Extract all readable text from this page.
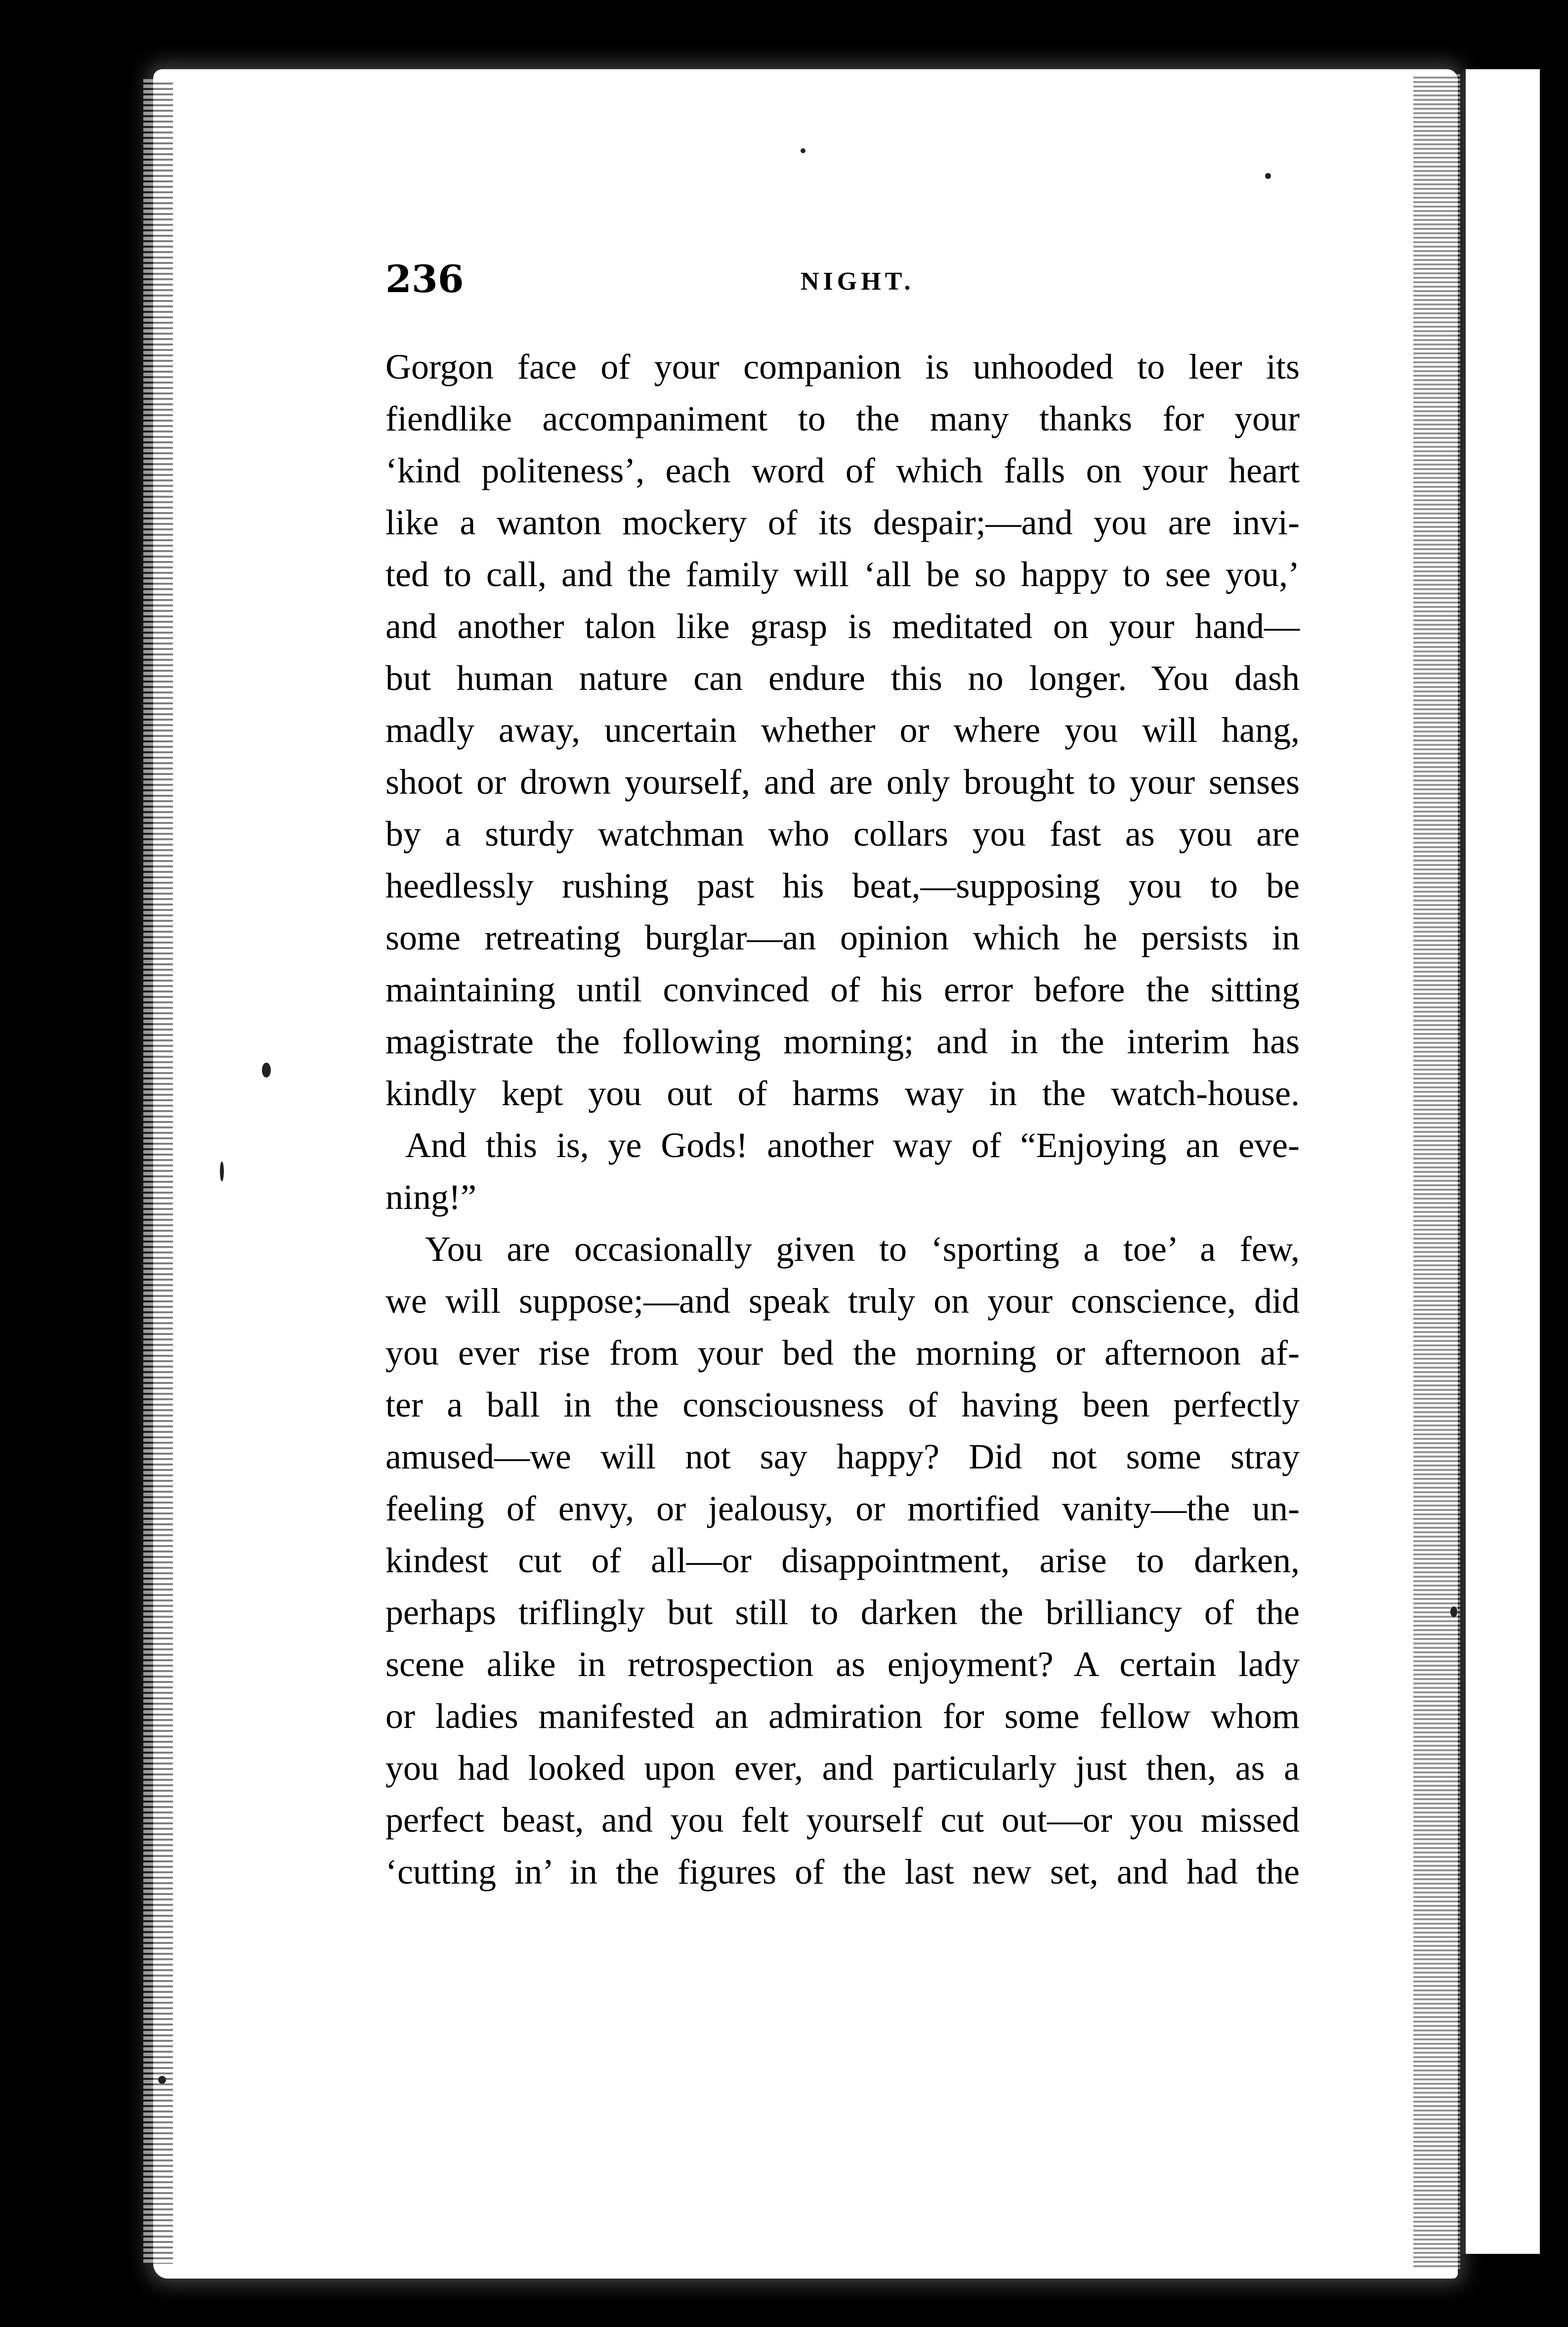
236	NIGHT.
Gorgon face of your companion is unhooded to leer its
fiendlike accompaniment to the many thanks for your
‘kind politeness’, each word of which falls on your heart
like a wanton mockery of its despair;—and you are invi-
ted to call, and the family will ‘all be so happy to see you,’
and another talon like grasp is meditated on your hand—
but human nature can endure this no longer. You dash
madly away, uncertain whether or where you will hang,
shoot or drown yourself, and are only brought to your senses
by a sturdy watchman who collars you fast as you are
heedlessly rushing past his beat,—supposing you to be
some retreating burglar—an opinion which he persists in
maintaining until convinced of his error before the sitting
magistrate the following morning; and in the interim has
kindly kept you out of harms way in the watch-house.
And this is, ye Gods! another way of “Enjoying an eve-
ning!”
You are occasionally given to ‘sporting a toe’ a few,
we will suppose;—and speak truly on your conscience, did
you ever rise from your bed the morning or afternoon af-
ter a ball in the consciousness of having been perfectly
amused—we will not say happy? Did not some stray
feeling of envy, or jealousy, or mortified vanity—the un-
kindest cut of all—or disappointment, arise to darken,
perhaps triflingly but still to darken the brilliancy of the
scene alike in retrospection as enjoyment? A certain lady
or ladies manifested an admiration for some fellow whom
you had looked upon ever, and particularly just then, as a
perfect beast, and you felt yourself cut out—or you missed
‘cutting in’ in the figures of the last new set, and had the
